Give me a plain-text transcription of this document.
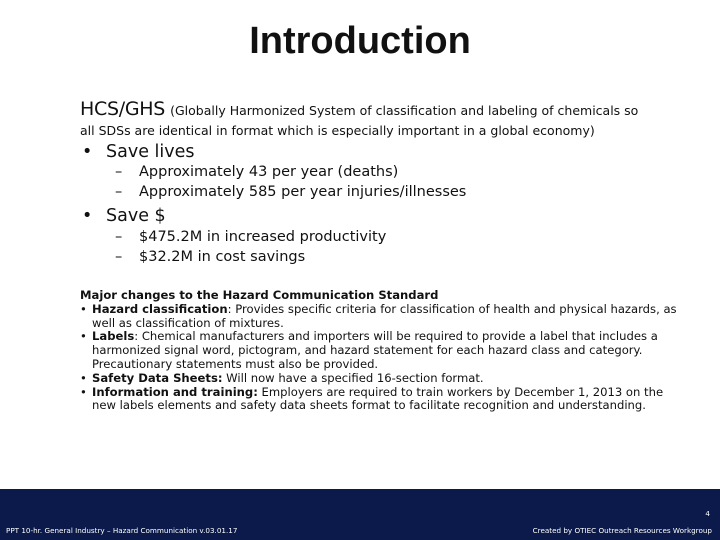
Introduction
HCS/GHS (Globally Harmonized System of classification and labeling of chemicals so
all SDSs are identical in format which is especially important in a global economy)
• Save lives
– Approximately 43 per year (deaths)
– Approximately 585 per year injuries/illnesses
• Save $
– $475.2M in increased productivity
– $32.2M in cost savings
Major changes to the Hazard Communication Standard
• Hazard classification: Provides specific criteria for classification of health and physical hazards, as well as classification of mixtures.
• Labels: Chemical manufacturers and importers will be required to provide a label that includes a harmonized signal word, pictogram, and hazard statement for each hazard class and category. Precautionary statements must also be provided.
• Safety Data Sheets: Will now have a specified 16-section format.
• Information and training: Employers are required to train workers by December 1, 2013 on the new labels elements and safety data sheets format to facilitate recognition and understanding.
4
PPT 10-hr. General Industry – Hazard Communication v.03.01.17	Created by OTIEC Outreach Resources Workgroup
